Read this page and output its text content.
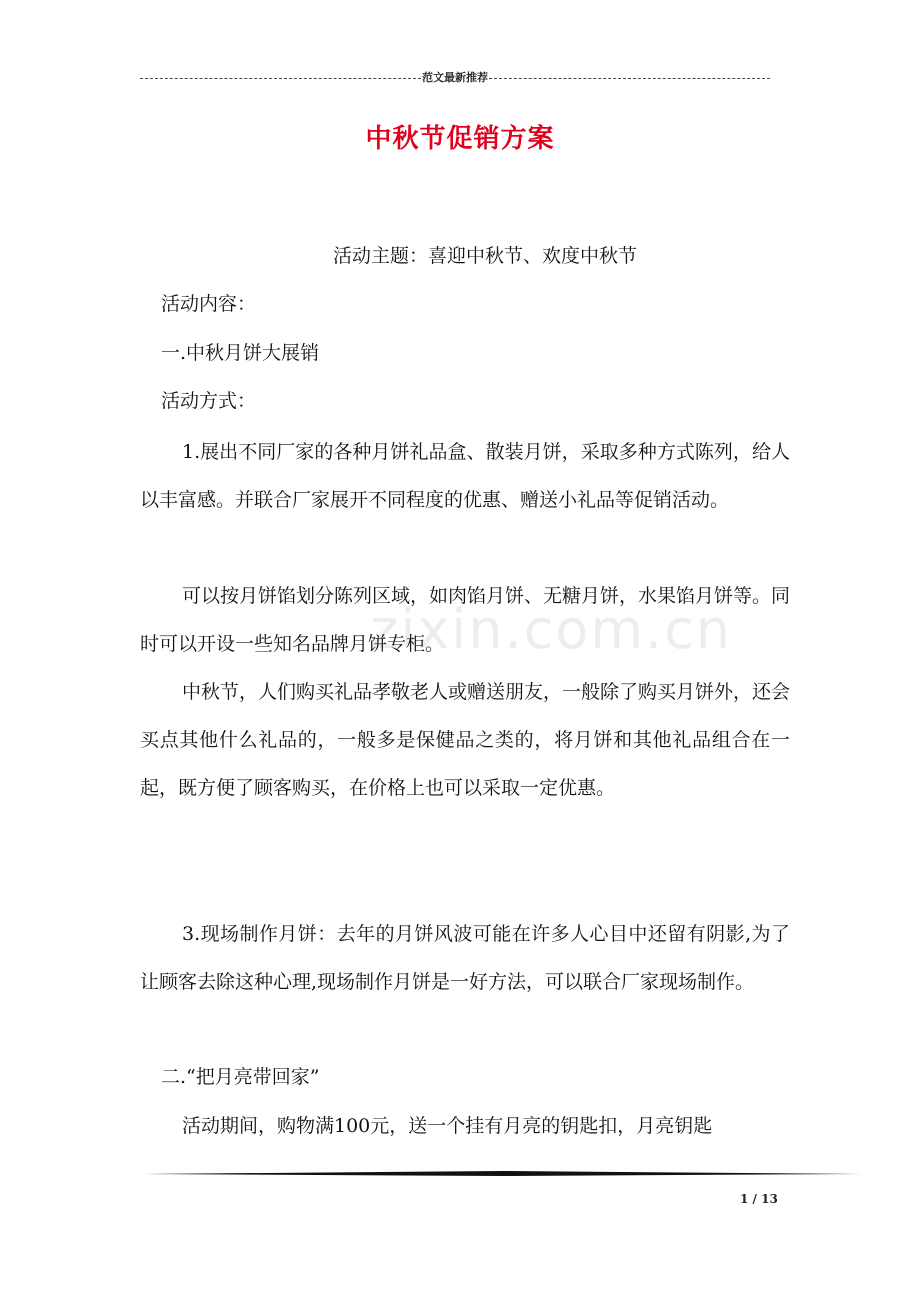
范文最新推荐
中秋节促销方案
zixin.com.cn
活动主题：喜迎中秋节、欢度中秋节
活动内容：
一.中秋月饼大展销
活动方式：

1.展出不同厂家的各种月饼礼品盒、散装月饼，采取多种方式陈列，给人以丰富感。并联合厂家展开不同程度的优惠、赠送小礼品等促销活动。

可以按月饼馅划分陈列区域，如肉馅月饼、无糖月饼，水果馅月饼等。同时可以开设一些知名品牌月饼专柜。

中秋节，人们购买礼品孝敬老人或赠送朋友，一般除了购买月饼外，还会买点其他什么礼品的，一般多是保健品之类的，将月饼和其他礼品组合在一起，既方便了顾客购买，在价格上也可以采取一定优惠。

3.现场制作月饼：去年的月饼风波可能在许多人心目中还留有阴影,为了让顾客去除这种心理,现场制作月饼是一好方法，可以联合厂家现场制作。

二.“把月亮带回家”

活动期间，购物满100元，送一个挂有月亮的钥匙扣，月亮钥匙

1 / 13
